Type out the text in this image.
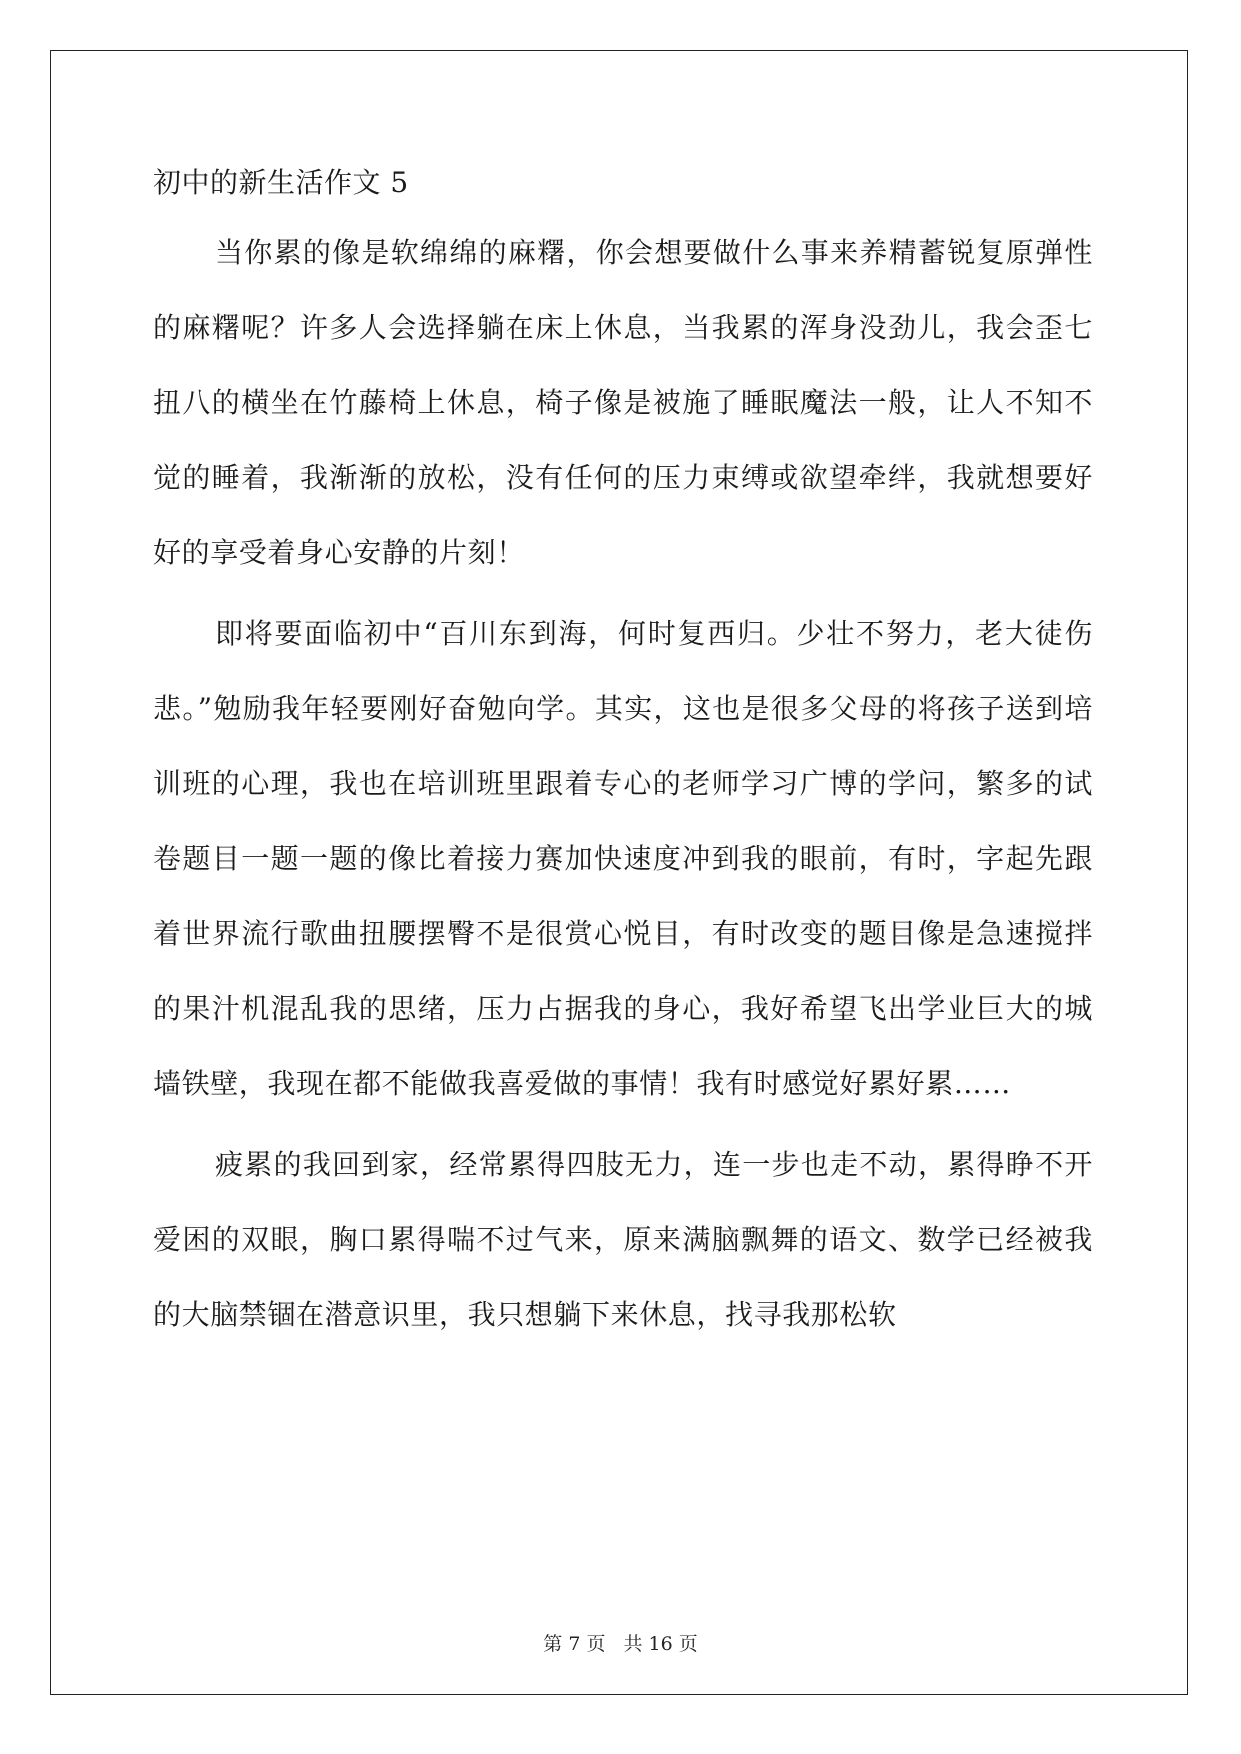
初中的新生活作文 5

当你累的像是软绵绵的麻糬，你会想要做什么事来养精蓄锐复原弹性的麻糬呢？许多人会选择躺在床上休息，当我累的浑身没劲儿，我会歪七扭八的横坐在竹藤椅上休息，椅子像是被施了睡眠魔法一般，让人不知不觉的睡着，我渐渐的放松，没有任何的压力束缚或欲望牵绊，我就想要好好的享受着身心安静的片刻！

即将要面临初中“百川东到海，何时复西归。少壮不努力，老大徒伤悲。”勉励我年轻要刚好奋勉向学。其实，这也是很多父母的将孩子送到培训班的心理，我也在培训班里跟着专心的老师学习广博的学问，繁多的试卷题目一题一题的像比着接力赛加快速度冲到我的眼前，有时，字起先跟着世界流行歌曲扭腰摆臀不是很赏心悦目，有时改变的题目像是急速搅拌的果汁机混乱我的思绪，压力占据我的身心，我好希望飞出学业巨大的城墙铁壁，我现在都不能做我喜爱做的事情！我有时感觉好累好累……

疲累的我回到家，经常累得四肢无力，连一步也走不动，累得睁不开爱困的双眼，胸口累得喘不过气来，原来满脑飘舞的语文、数学已经被我的大脑禁锢在潜意识里，我只想躺下来休息，找寻我那松软

第 7 页 共 16 页
